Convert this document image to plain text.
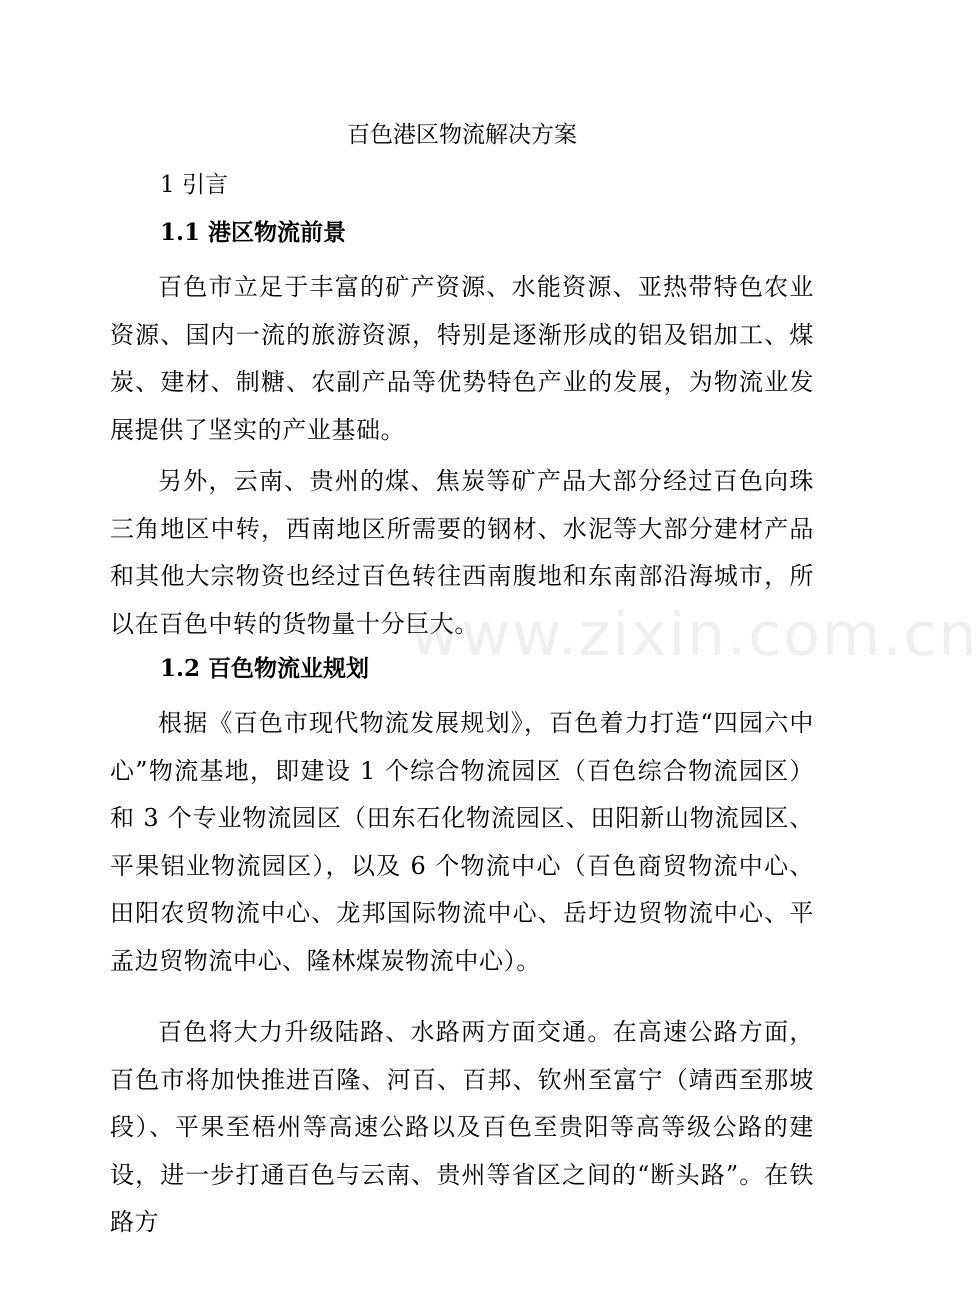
百色港区物流解决方案
1 引言
1.1 港区物流前景

百色市立足于丰富的矿产资源、水能资源、亚热带特色农业资源、国内一流的旅游资源，特别是逐渐形成的铝及铝加工、煤炭、建材、制糖、农副产品等优势特色产业的发展，为物流业发展提供了坚实的产业基础。

另外，云南、贵州的煤、焦炭等矿产品大部分经过百色向珠三角地区中转，西南地区所需要的钢材、水泥等大部分建材产品和其他大宗物资也经过百色转往西南腹地和东南部沿海城市，所以在百色中转的货物量十分巨大。

1.2 百色物流业规划

根据《百色市现代物流发展规划》，百色着力打造“四园六中心”物流基地，即建设 1 个综合物流园区（百色综合物流园区）和 3 个专业物流园区（田东石化物流园区、田阳新山物流园区、平果铝业物流园区），以及 6 个物流中心（百色商贸物流中心、田阳农贸物流中心、龙邦国际物流中心、岳圩边贸物流中心、平孟边贸物流中心、隆林煤炭物流中心）。

百色将大力升级陆路、水路两方面交通。在高速公路方面，百色市将加快推进百隆、河百、百邦、钦州至富宁（靖西至那坡段）、平果至梧州等高速公路以及百色至贵阳等高等级公路的建设，进一步打通百色与云南、贵州等省区之间的“断头路”。在铁路方

www.zixin.com.cn
